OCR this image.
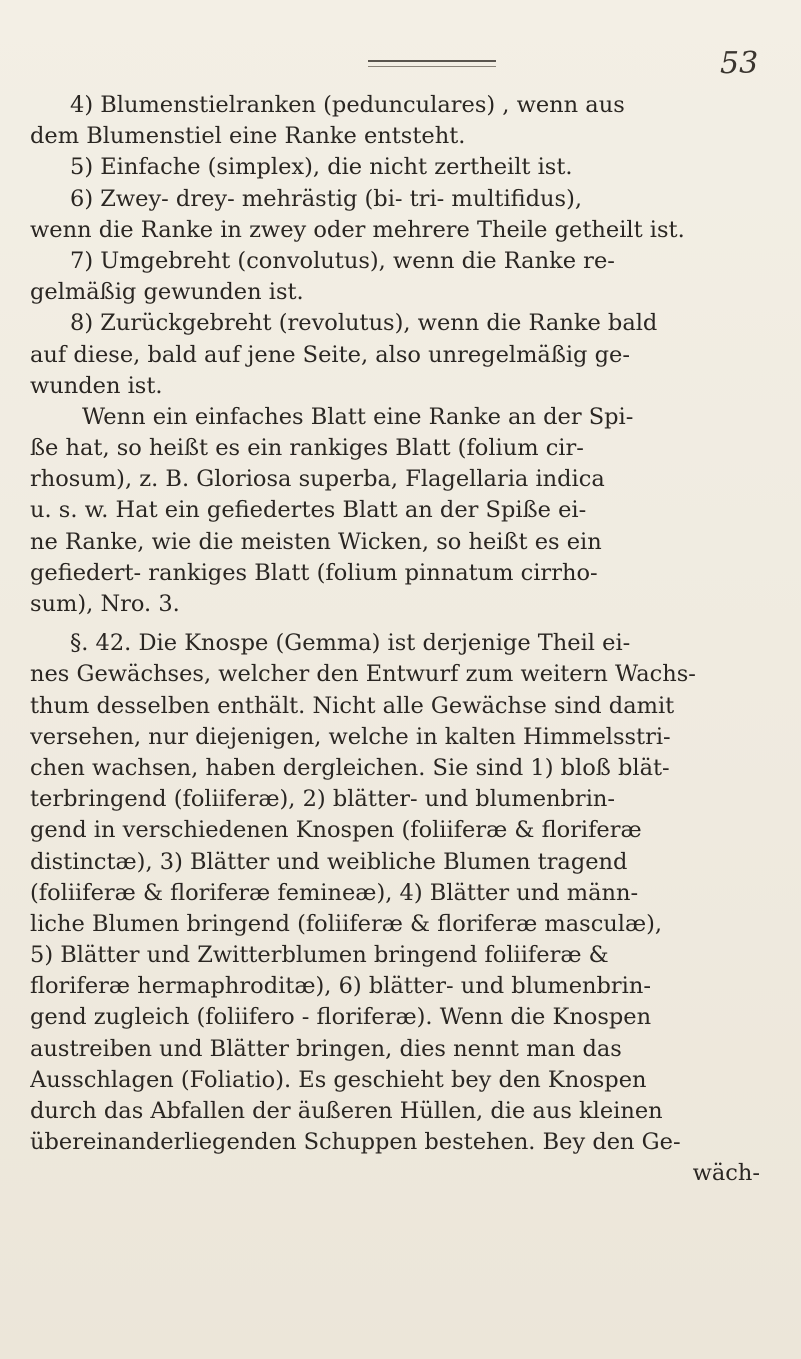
53
4) Blumenstielranken (pedunculares) , wenn aus
dem Blumenstiel eine Ranke entsteht.
5) Einfache (simplex), die nicht zertheilt ist.
6) Zwey- drey- mehrästig (bi- tri- multifidus),
wenn die Ranke in zwey oder mehrere Theile getheilt ist.
7) Umgebreht (convolutus), wenn die Ranke re-
gelmäßig gewunden ist.
8) Zurückgebreht (revolutus), wenn die Ranke bald
auf diese, bald auf jene Seite, also unregelmäßig ge-
wunden ist.
Wenn ein einfaches Blatt eine Ranke an der Spi-
ße hat, so heißt es ein rankiges Blatt (folium cir-
rhosum), z. B. Gloriosa superba, Flagellaria indica
u. s. w. Hat ein gefiedertes Blatt an der Spiße ei-
ne Ranke, wie die meisten Wicken, so heißt es ein
gefiedert- rankiges Blatt (folium pinnatum cirrho-
sum), Nro. 3.
§. 42. Die Knospe (Gemma) ist derjenige Theil ei-
nes Gewächses, welcher den Entwurf zum weitern Wachs-
thum desselben enthält. Nicht alle Gewächse sind damit
versehen, nur diejenigen, welche in kalten Himmelsstri-
chen wachsen, haben dergleichen. Sie sind 1) bloß blät-
terbringend (foliiferæ), 2) blätter- und blumenbrin-
gend in verschiedenen Knospen (foliiferæ & floriferæ
distinctæ), 3) Blätter und weibliche Blumen tragend
(foliiferæ & floriferæ femineæ), 4) Blätter und männ-
liche Blumen bringend (foliiferæ & floriferæ masculæ),
5) Blätter und Zwitterblumen bringend foliiferæ &
floriferæ hermaphroditæ), 6) blätter- und blumenbrin-
gend zugleich (foliifero - floriferæ). Wenn die Knospen
austreiben und Blätter bringen, dies nennt man das
Ausschlagen (Foliatio). Es geschieht bey den Knospen
durch das Abfallen der äußeren Hüllen, die aus kleinen
übereinanderliegenden Schuppen bestehen. Bey den Ge-
wäch-
